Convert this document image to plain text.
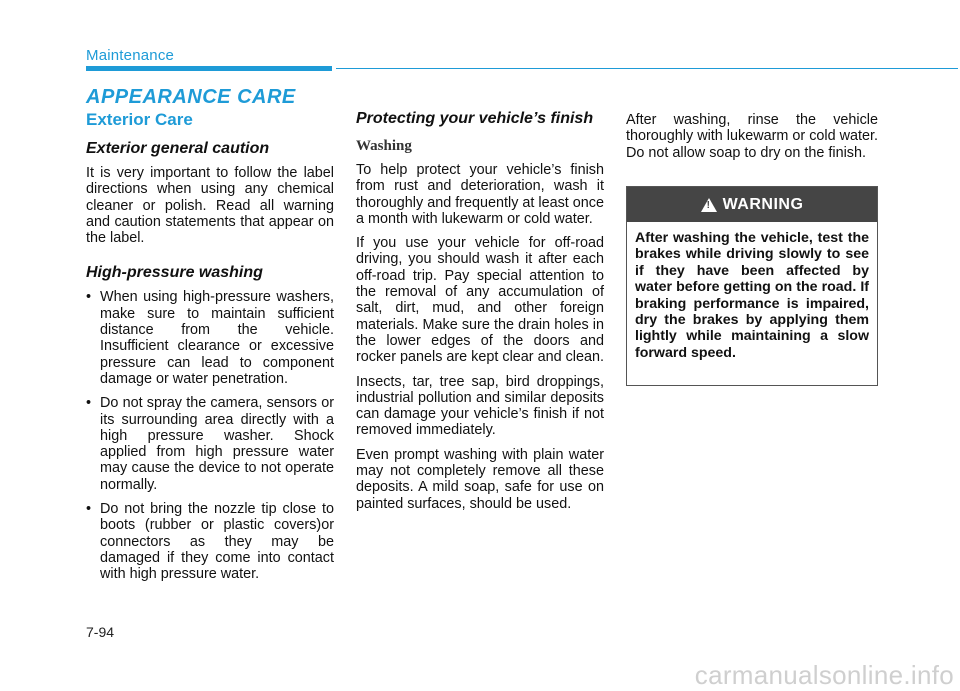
Maintenance
APPEARANCE CARE
Exterior Care
Exterior general caution

It is very important to follow the label directions when using any chemical cleaner or polish. Read all warning and caution statements that appear on the label.

High-pressure washing
• When using high-pressure washers, make sure to maintain sufficient distance from the vehicle. Insufficient clearance or excessive pressure can lead to component damage or water penetration.
• Do not spray the camera, sensors or its surrounding area directly with a high pressure washer. Shock applied from high pressure water may cause the device to not operate normally.
• Do not bring the nozzle tip close to boots (rubber or plastic covers)or connectors as they may be damaged if they come into contact with high pressure water.
Protecting your vehicle’s finish
Washing

To help protect your vehicle’s finish from rust and deterioration, wash it thoroughly and frequently at least once a month with lukewarm or cold water.

If you use your vehicle for off-road driving, you should wash it after each off-road trip. Pay special attention to the removal of any accumulation of salt, dirt, mud, and other foreign materials. Make sure the drain holes in the lower edges of the doors and rocker panels are kept clear and clean.

Insects, tar, tree sap, bird droppings, industrial pollution and similar deposits can damage your vehicle’s finish if not removed immediately.

Even prompt washing with plain water may not completely remove all these deposits. A mild soap, safe for use on painted surfaces, should be used.

After washing, rinse the vehicle thoroughly with lukewarm or cold water. Do not allow soap to dry on the finish.

! WARNING
After washing the vehicle, test the brakes while driving slowly to see if they have been affected by water before getting on the road. If braking performance is impaired, dry the brakes by applying them lightly while maintaining a slow forward speed.
7-94
carmanualsonline.info
